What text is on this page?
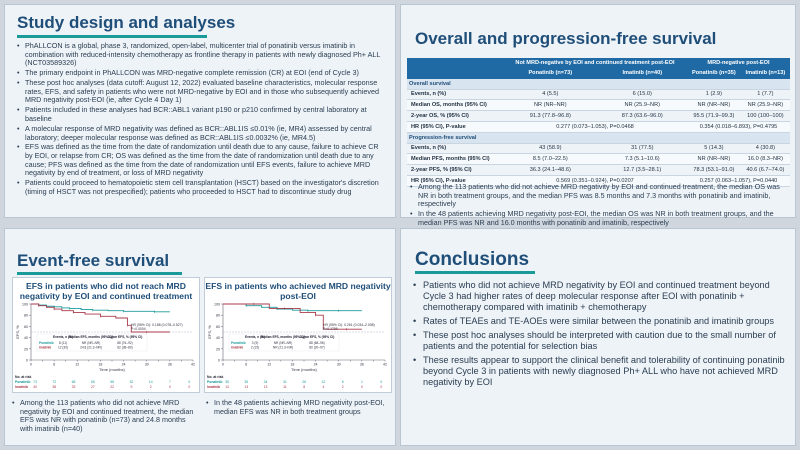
Study design and analyses
• PhALLCON is a global, phase 3, randomized, open-label, multicenter trial of ponatinib versus imatinib in combination with reduced-intensity chemotherapy as frontline therapy in patients with newly diagnosed Ph+ ALL (NCT03589326)
• The primary endpoint in PhALLCON was MRD-negative complete remission (CR) at EOI (end of Cycle 3)
• These post hoc analyses (data cutoff: August 12, 2022) evaluated baseline characteristics, molecular response rates, EFS, and safety in patients who were not MRD-negative by EOI and in those who subsequently achieved MRD negativity post-EOI (ie, after Cycle 4 Day 1)
• Patients included in these analyses had BCR::ABL1 variant p190 or p210 confirmed by central laboratory at baseline
• A molecular response of MRD negativity was defined as BCR::ABL1IS ≤0.01% (ie, MR4) assessed by central laboratory; deeper molecular response was defined as BCR::ABL1IS ≤0.0032% (ie, MR4.5)
• EFS was defined as the time from the date of randomization until death due to any cause, failure to achieve CR by EOI, or relapse from CR; OS was defined as the time from the date of randomization until death due to any cause; PFS was defined as the time from the date of randomization until EFS events, failure to achieve MRD negativity by end of treatment, or loss of MRD negativity
• Patients could proceed to hematopoietic stem cell transplantation (HSCT) based on the investigator's discretion (timing of HSCT was not prespecified); patients who proceeded to HSCT had to discontinue study drug
Overall and progression-free survival
	Not MRD-negative by EOI and continued treatment post-EOI		MRD-negative post-EOI	
	Ponatinib (n=73)	Imatinib (n=40)	Ponatinib (n=35)	Imatinib (n=13)
Overall survival				
Events, n (%)	4 (5.5)	6 (15.0)	1 (2.9)	1 (7.7)
Median OS, months (95% CI)	NR (NR–NR)	NR (25.9–NR)	NR (NR–NR)	NR (25.9–NR)
2-year OS, % (95% CI)	91.3 (77.8–96.8)	87.3 (63.6–96.0)	95.5 (71.9–99.3)	100 (100–100)
HR (95% CI), P-value	0.277 (0.073–1.053), P=0.0468		0.354 (0.018–6.893), P=0.4795	
Progression-free survival				
Events, n (%)	43 (58.9)	31 (77.5)	5 (14.3)	4 (30.8)
Median PFS, months (95% CI)	8.5 (7.0–22.5)	7.3 (5.1–10.6)	NR (NR–NR)	16.0 (8.3–NR)
2-year PFS, % (95% CI)	36.3 (24.1–48.6)	12.7 (3.5–28.1)	78.3 (53.1–91.0)	40.6 (6.7–74.0)
HR (95% CI), P-value	0.569 (0.351–0.924), P=0.0207		0.257 (0.063–1.057), P=0.0440	
• Among the 113 patients who did not achieve MRD negativity by EOI and continued treatment, the median OS was NR in both treatment groups, and the median PFS was 8.5 months and 7.3 months with ponatinib and imatinib, respectively
• In the 48 patients achieving MRD negativity post-EOI, the median OS was NR in both treatment groups, and the median PFS was NR and 16.0 months with ponatinib and imatinib, respectively
Event-free survival
EFS in patients who did not reach MRD negativity by EOI and continued treatment
0
20
40
60
80
100
0	6	12	18	24	30	36	42
EFS, %
Time (months)
HR (95% CI): 0.188 (0.078–0.527)
P=0.0004
Events, n (%)
Median EFS, months (95% CI)
2-year EFS, % (95% CI)
Ponatinib 8 (11)	NR (NR–NR)	86 (76–92)
Imatinib 12 (30)	24.8 (21.3–NR)	62 (38–80)
No. at risk
Ponatinib 73	72	68	65	58	32	14	7	0
Imatinib 40	38	33	27	22	9	2	0	0
EFS in patients who achieved MRD negativity post-EOI
0
20
40
60
80
100
0	6	12	18	24	30	36	42
EFS, %
Time (months)
HR (95% CI): 0.261 (0.034–2.008)
P=0.1799
Events, n (%)
Median EFS, months (95% CI)
2-year EFS, % (95% CI)
Ponatinib 3 (9)	NR (NR–NR)	88 (68–96)
Imatinib 2 (15)	NR (21.3–NR)	80 (20–97)
No. at risk
Ponatinib 35	35	34	31	26	12	5	1	0
Imatinib 13	13	13	11	8	4	2	0	0
• Among the 113 patients who did not achieve MRD negativity by EOI and continued treatment, the median EFS was NR with ponatinib (n=73) and 24.8 months with imatinib (n=40)
• In the 48 patients achieving MRD negativity post-EOI, median EFS was NR in both treatment groups
Conclusions
• Patients who did not achieve MRD negativity by EOI and continued treatment beyond Cycle 3 had higher rates of deep molecular response after EOI with ponatinib + chemotherapy compared with imatinib + chemotherapy
• Rates of TEAEs and TE-AOEs were similar between the ponatinib and imatinib groups
• These post hoc analyses should be interpreted with caution due to the small number of patients and the potential for selection bias
• These results appear to support the clinical benefit and tolerability of continuing ponatinib beyond Cycle 3 in patients with newly diagnosed Ph+ ALL who have not achieved MRD negativity by EOI
